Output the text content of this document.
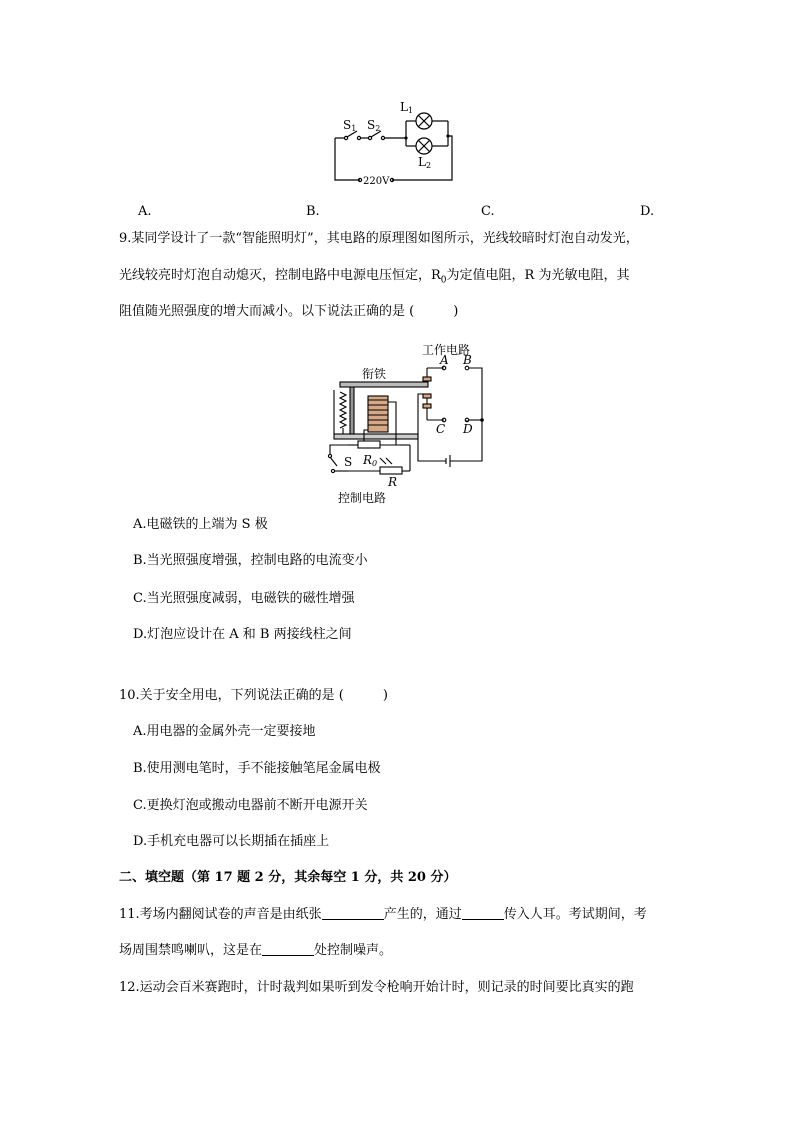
S1 S2
L1
L2
220V
A.	B.	C.	D.
9.某同学设计了一款“智能照明灯”，其电路的原理图如图所示，光线较暗时灯泡自动发光，
光线较亮时灯泡自动熄灭，控制电路中电源电压恒定，$R_0$为定值电阻，R 为光敏电阻，其
阻值随光照强度的增大而减小。以下说法正确的是 (　　　)
工作电路
衔铁
A B
C D
S R0
R
控制电路
A.电磁铁的上端为 S 极
B.当光照强度增强，控制电路的电流变小
C.当光照强度减弱，电磁铁的磁性增强
D.灯泡应设计在 A 和 B 两接线柱之间
10.关于安全用电，下列说法正确的是 (　　　)
A.用电器的金属外壳一定要接地
B.使用测电笔时，手不能接触笔尾金属电极
C.更换灯泡或搬动电器前不断开电源开关
D.手机充电器可以长期插在插座上
二、填空题（第 17 题 2 分，其余每空 1 分，共 20 分）
11.考场内翻阅试卷的声音是由纸张	产生的，通过	传入人耳。考试期间，考
场周围禁鸣喇叭，这是在	处控制噪声。
12.运动会百米赛跑时，计时裁判如果听到发令枪响开始计时，则记录的时间要比真实的跑
